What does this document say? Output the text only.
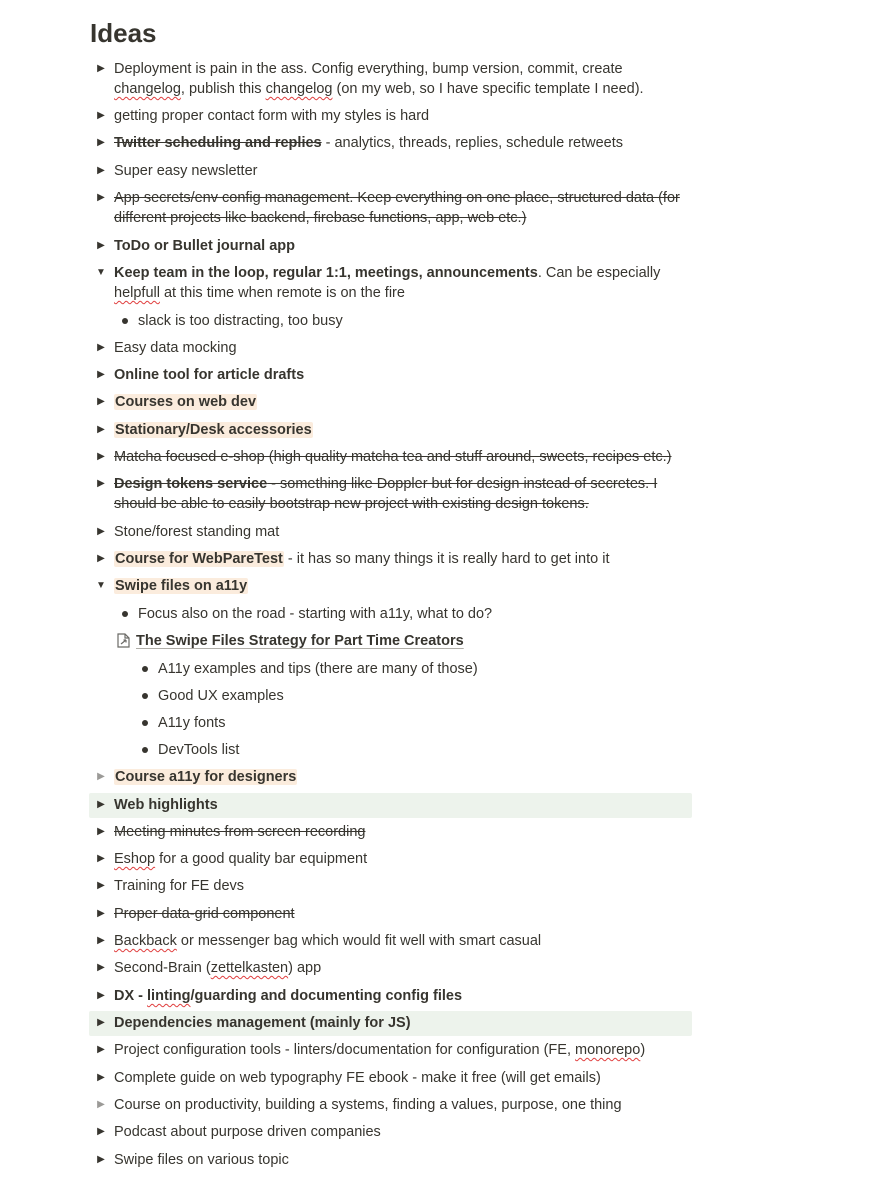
Ideas
▶ Deployment is pain in the ass. Config everything, bump version, commit, create changelog, publish this changelog (on my web, so I have specific template I need).
▶ getting proper contact form with my styles is hard
▶ Twitter scheduling and replies - analytics, threads, replies, schedule retweets
▶ Super easy newsletter
▶ App secrets/env config management. Keep everything on one place, structured data (for different projects like backend, firebase functions, app, web etc.)
▶ ToDo or Bullet journal app
▼ Keep team in the loop, regular 1:1, meetings, announcements. Can be especially helpfull at this time when remote is on the fire
slack is too distracting, too busy
▶ Easy data mocking
▶ Online tool for article drafts
▶ Courses on web dev
▶ Stationary/Desk accessories
▶ Matcha focused e-shop (high quality matcha tea and stuff around, sweets, recipes etc.)
▶ Design tokens service - something like Doppler but for design instead of secretes. I should be able to easily bootstrap new project with existing design tokens.
▶ Stone/forest standing mat
▶ Course for WebPareTest - it has so many things it is really hard to get into it
▼ Swipe files on a11y
Focus also on the road - starting with a11y, what to do?
The Swipe Files Strategy for Part Time Creators
A11y examples and tips (there are many of those)
Good UX examples
A11y fonts
DevTools list
▶ Course a11y for designers
▶ Web highlights
▶ Meeting minutes from screen recording
▶ Eshop for a good quality bar equipment
▶ Training for FE devs
▶ Proper data-grid component
▶ Backback or messenger bag which would fit well with smart casual
▶ Second-Brain (zettelkasten) app
▶ DX - linting/guarding and documenting config files
▶ Dependencies management (mainly for JS)
▶ Project configuration tools - linters/documentation for configuration (FE, monorepo)
▶ Complete guide on web typography FE ebook - make it free (will get emails)
▶ Course on productivity, building a systems, finding a values, purpose, one thing
▶ Podcast about purpose driven companies
▶ Swipe files on various topic
